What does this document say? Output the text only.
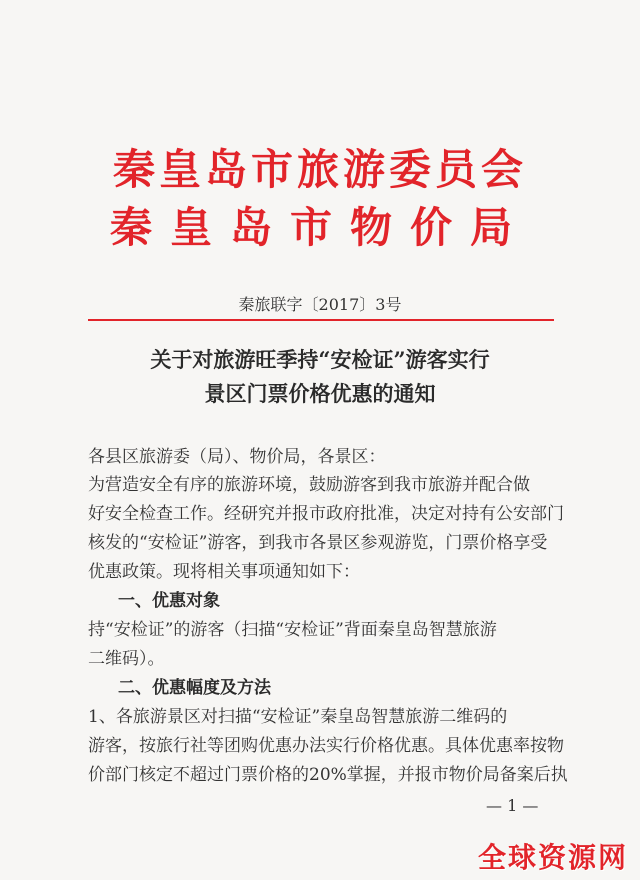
秦皇岛市旅游委员会
秦皇岛市物价局
秦旅联字〔2017〕3号
关于对旅游旺季持“安检证”游客实行
景区门票价格优惠的通知
各县区旅游委（局）、物价局，各景区：
为营造安全有序的旅游环境，鼓励游客到我市旅游并配合做
好安全检查工作。经研究并报市政府批准，决定对持有公安部门
核发的“安检证”游客，到我市各景区参观游览，门票价格享受
优惠政策。现将相关事项通知如下：
一、优惠对象
持“安检证”的游客（扫描“安检证”背面秦皇岛智慧旅游
二维码）。
二、优惠幅度及方法
1、各旅游景区对扫描“安检证”秦皇岛智慧旅游二维码的
游客，按旅行社等团购优惠办法实行价格优惠。具体优惠率按物
价部门核定不超过门票价格的20%掌握，并报市物价局备案后执
— 1 —
全球资源网
